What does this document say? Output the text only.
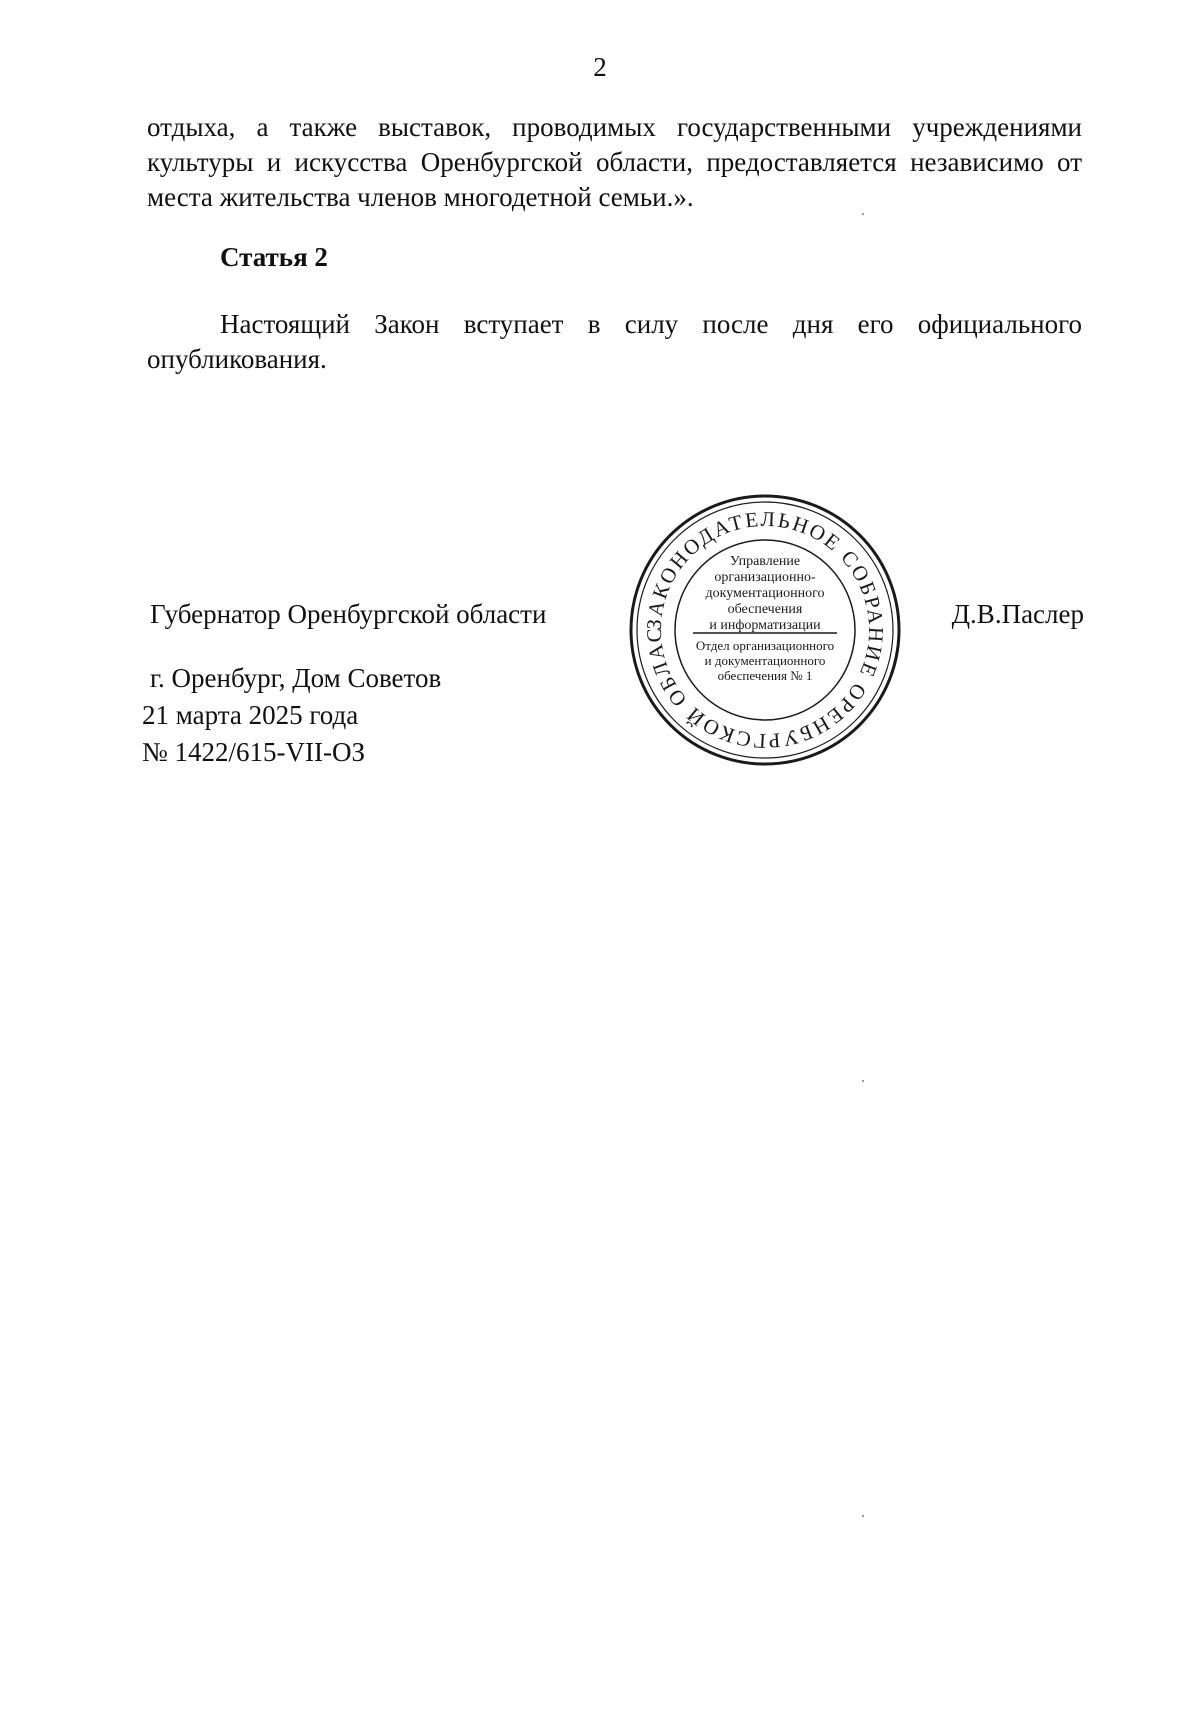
2
отдыха, а также выставок, проводимых государственными учреждениями культуры и искусства Оренбургской области, предоставляется независимо от места жительства членов многодетной семьи.».
Статья 2
Настоящий Закон вступает в силу после дня его официального опубликования.
Губернатор Оренбургской области	Д.В.Паслер
г. Оренбург, Дом Советов
21 марта 2025 года
№ 1422/615-VII-ОЗ
ЗАКОНОДАТЕЛЬНОЕ СОБРАНИЕ ОРЕНБУРГСКОЙ ОБЛАС
Управление организационно-документационного обеспечения и информатизации
Отдел организационного и документационного обеспечения № 1
